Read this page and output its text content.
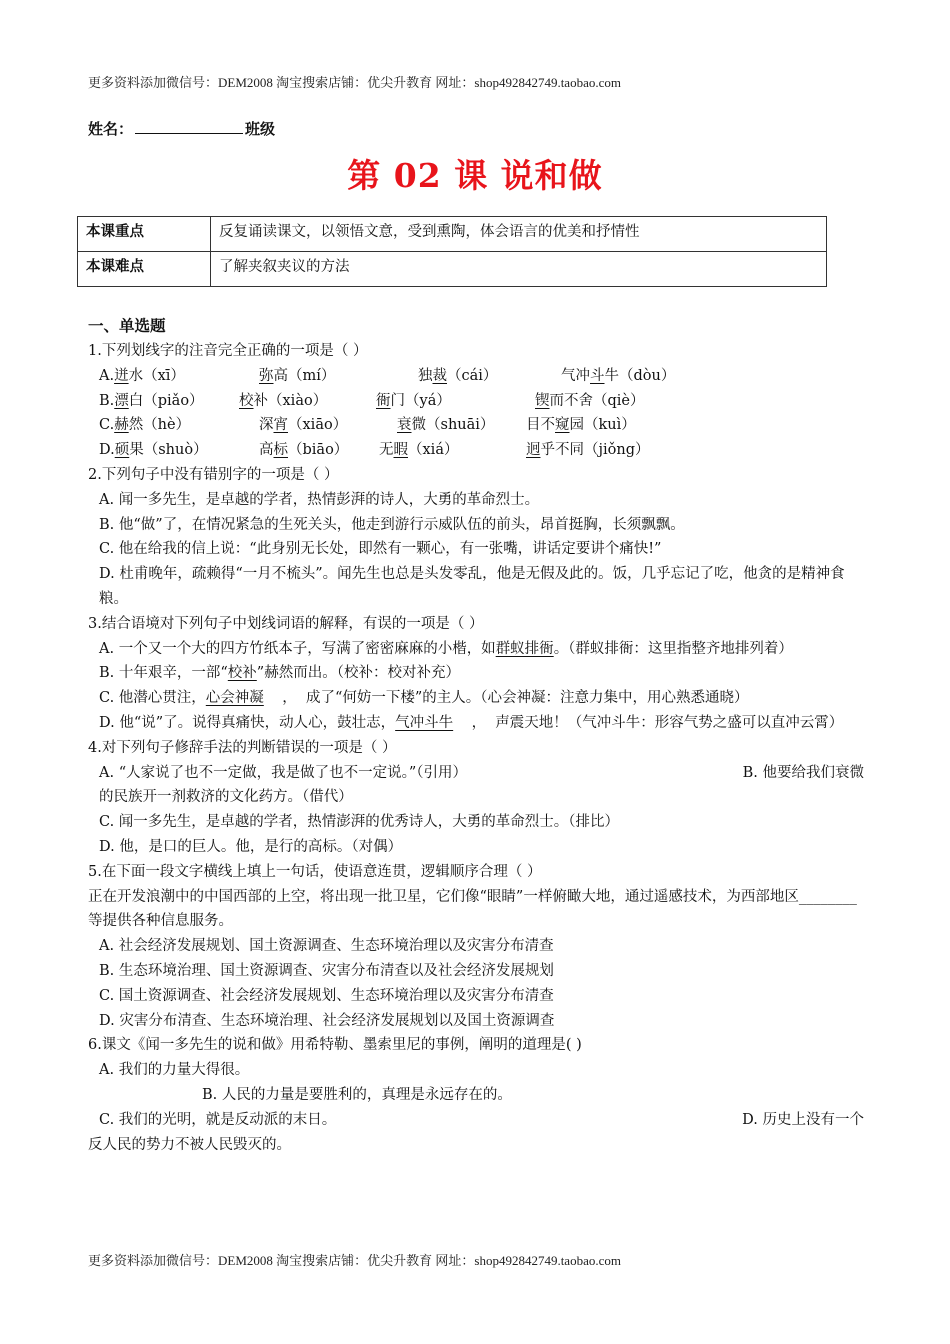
更多资料添加微信号：DEM2008 淘宝搜索店铺：优尖升教育 网址：shop492842749.taobao.com
姓名：	班级
第 02 课 说和做
本课重点	反复诵读课文，以领悟文意，受到熏陶，体会语言的优美和抒情性
本课难点	了解夹叙夹议的方法
一、单选题
1.下列划线字的注音完全正确的一项是（ ）
A.迸水（xī）	弥高（mí）	独裁（cái）	气冲斗牛（dòu）
B.漂白（piǎo）	校补（xiào）	衙门（yá）	锲而不舍（qiè）
C.赫然（hè）	深宵（xiāo）	衰微（shuāi）	目不窥园（kuì）
D.硕果（shuò）	高标（biāo）	无暇（xiá）	迥乎不同（jiǒng）
2.下列句子中没有错别字的一项是（ ）
A. 闻一多先生，是卓越的学者，热情彭湃的诗人，大勇的革命烈士。
B. 他“做”了，在情况紧急的生死关头，他走到游行示威队伍的前头，昂首挺胸，长须飘飘。
C. 他在给我的信上说：“此身别无长处，即然有一颗心，有一张嘴，讲话定要讲个痛快!”
D. 杜甫晚年，疏赖得“一月不梳头”。闻先生也总是头发零乱，他是无假及此的。饭，几乎忘记了吃，他贪的是精神食粮。
3.结合语境对下列句子中划线词语的解释，有误的一项是（ ）
A. 一个又一个大的四方竹纸本子，写满了密密麻麻的小楷，如群蚁排衙。（群蚁排衙：这里指整齐地排列着）
B. 十年艰辛，一部“校补”赫然而出。（校补：校对补充）
C. 他潜心贯注，心会神凝    ，  成了“何妨一下楼”的主人。（心会神凝：注意力集中，用心熟悉通晓）
D. 他“说”了。说得真痛快，动人心，鼓壮志，气冲斗牛    ，  声震天地！（气冲斗牛：形容气势之盛可以直冲云霄）
4.对下列句子修辞手法的判断错误的一项是（ ）
A. “人家说了也不一定做，我是做了也不一定说。”（引用）	B. 他要给我们衰微
的民族开一剂救济的文化药方。（借代）
C. 闻一多先生，是卓越的学者，热情澎湃的优秀诗人，大勇的革命烈士。（排比）
D. 他，是口的巨人。他，是行的高标。（对偶）
5.在下面一段文字横线上填上一句话，使语意连贯，逻辑顺序合理（ ）
正在开发浪潮中的中国西部的上空，将出现一批卫星，它们像“眼睛”一样俯瞰大地，通过遥感技术，为西部地区________等提供各种信息服务。
A. 社会经济发展规划、国土资源调查、生态环境治理以及灾害分布清查
B. 生态环境治理、国土资源调查、灾害分布清查以及社会经济发展规划
C. 国土资源调查、社会经济发展规划、生态环境治理以及灾害分布清查
D. 灾害分布清查、生态环境治理、社会经济发展规划以及国土资源调查
6.课文《闻一多先生的说和做》用希特勒、墨索里尼的事例，阐明的道理是( )
A. 我们的力量大得很。
B. 人民的力量是要胜利的，真理是永远存在的。
C. 我们的光明，就是反动派的末日。	D. 历史上没有一个
反人民的势力不被人民毁灭的。
更多资料添加微信号：DEM2008 淘宝搜索店铺：优尖升教育 网址：shop492842749.taobao.com
